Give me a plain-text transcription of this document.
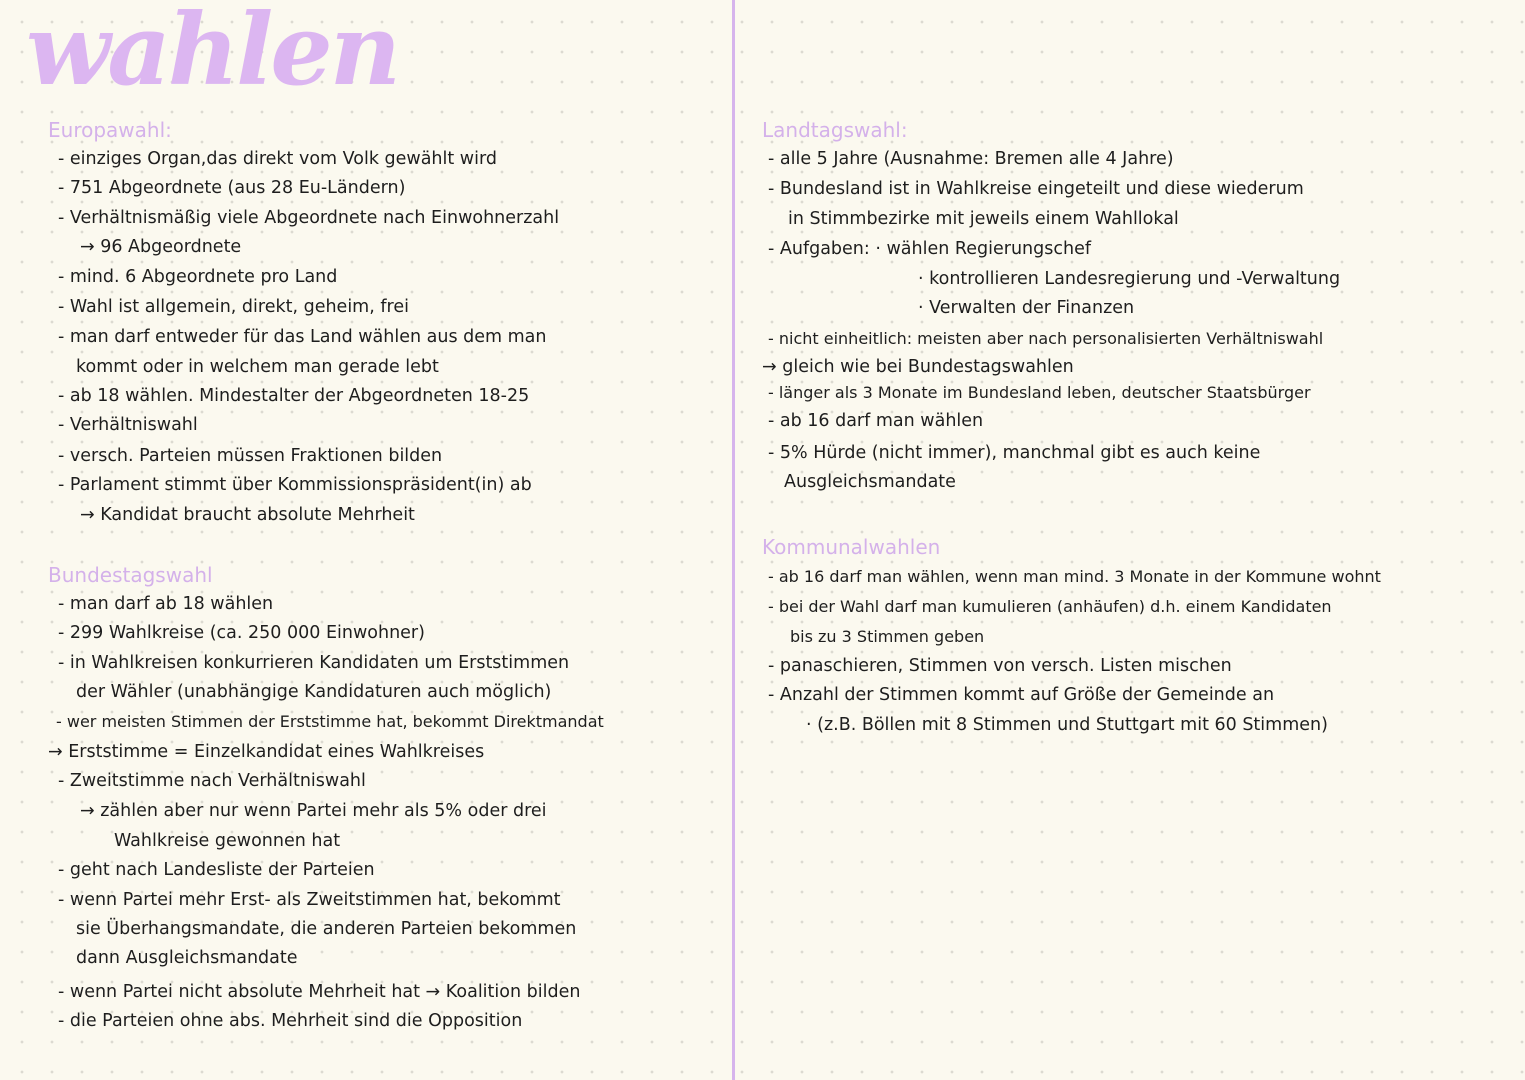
wahlen
Europawahl:
- einziges Organ,das direkt vom Volk gewählt wird
- 751 Abgeordnete (aus 28 Eu-Ländern)
- Verhältnismäßig viele Abgeordnete nach Einwohnerzahl
→ 96 Abgeordnete
- mind. 6 Abgeordnete pro Land
- Wahl ist allgemein, direkt, geheim, frei
- man darf entweder für das Land wählen aus dem man
kommt oder in welchem man gerade lebt
- ab 18 wählen. Mindestalter der Abgeordneten 18-25
- Verhältniswahl
- versch. Parteien müssen Fraktionen bilden
- Parlament stimmt über Kommissionspräsident(in) ab
→ Kandidat braucht absolute Mehrheit
Bundestagswahl
- man darf ab 18 wählen
- 299 Wahlkreise (ca. 250 000 Einwohner)
- in Wahlkreisen konkurrieren Kandidaten um Erststimmen
der Wähler (unabhängige Kandidaturen auch möglich)
- wer meisten Stimmen der Erststimme hat, bekommt Direktmandat
→ Erststimme = Einzelkandidat eines Wahlkreises
- Zweitstimme nach Verhältniswahl
→ zählen aber nur wenn Partei mehr als 5% oder drei
Wahlkreise gewonnen hat
- geht nach Landesliste der Parteien
- wenn Partei mehr Erst- als Zweitstimmen hat, bekommt
sie Überhangsmandate, die anderen Parteien bekommen
dann Ausgleichsmandate
- wenn Partei nicht absolute Mehrheit hat → Koalition bilden
- die Parteien ohne abs. Mehrheit sind die Opposition
Landtagswahl:
- alle 5 Jahre (Ausnahme: Bremen alle 4 Jahre)
- Bundesland ist in Wahlkreise eingeteilt und diese wiederum
in Stimmbezirke mit jeweils einem Wahllokal
- Aufgaben: · wählen Regierungschef
· kontrollieren Landesregierung und -Verwaltung
· Verwalten der Finanzen
- nicht einheitlich: meisten aber nach personalisierten Verhältniswahl
→ gleich wie bei Bundestagswahlen
- länger als 3 Monate im Bundesland leben, deutscher Staatsbürger
- ab 16 darf man wählen
- 5% Hürde (nicht immer), manchmal gibt es auch keine
Ausgleichsmandate
Kommunalwahlen
- ab 16 darf man wählen, wenn man mind. 3 Monate in der Kommune wohnt
- bei der Wahl darf man kumulieren (anhäufen) d.h. einem Kandidaten
bis zu 3 Stimmen geben
- panaschieren, Stimmen von versch. Listen mischen
- Anzahl der Stimmen kommt auf Größe der Gemeinde an
· (z.B. Böllen mit 8 Stimmen und Stuttgart mit 60 Stimmen)
